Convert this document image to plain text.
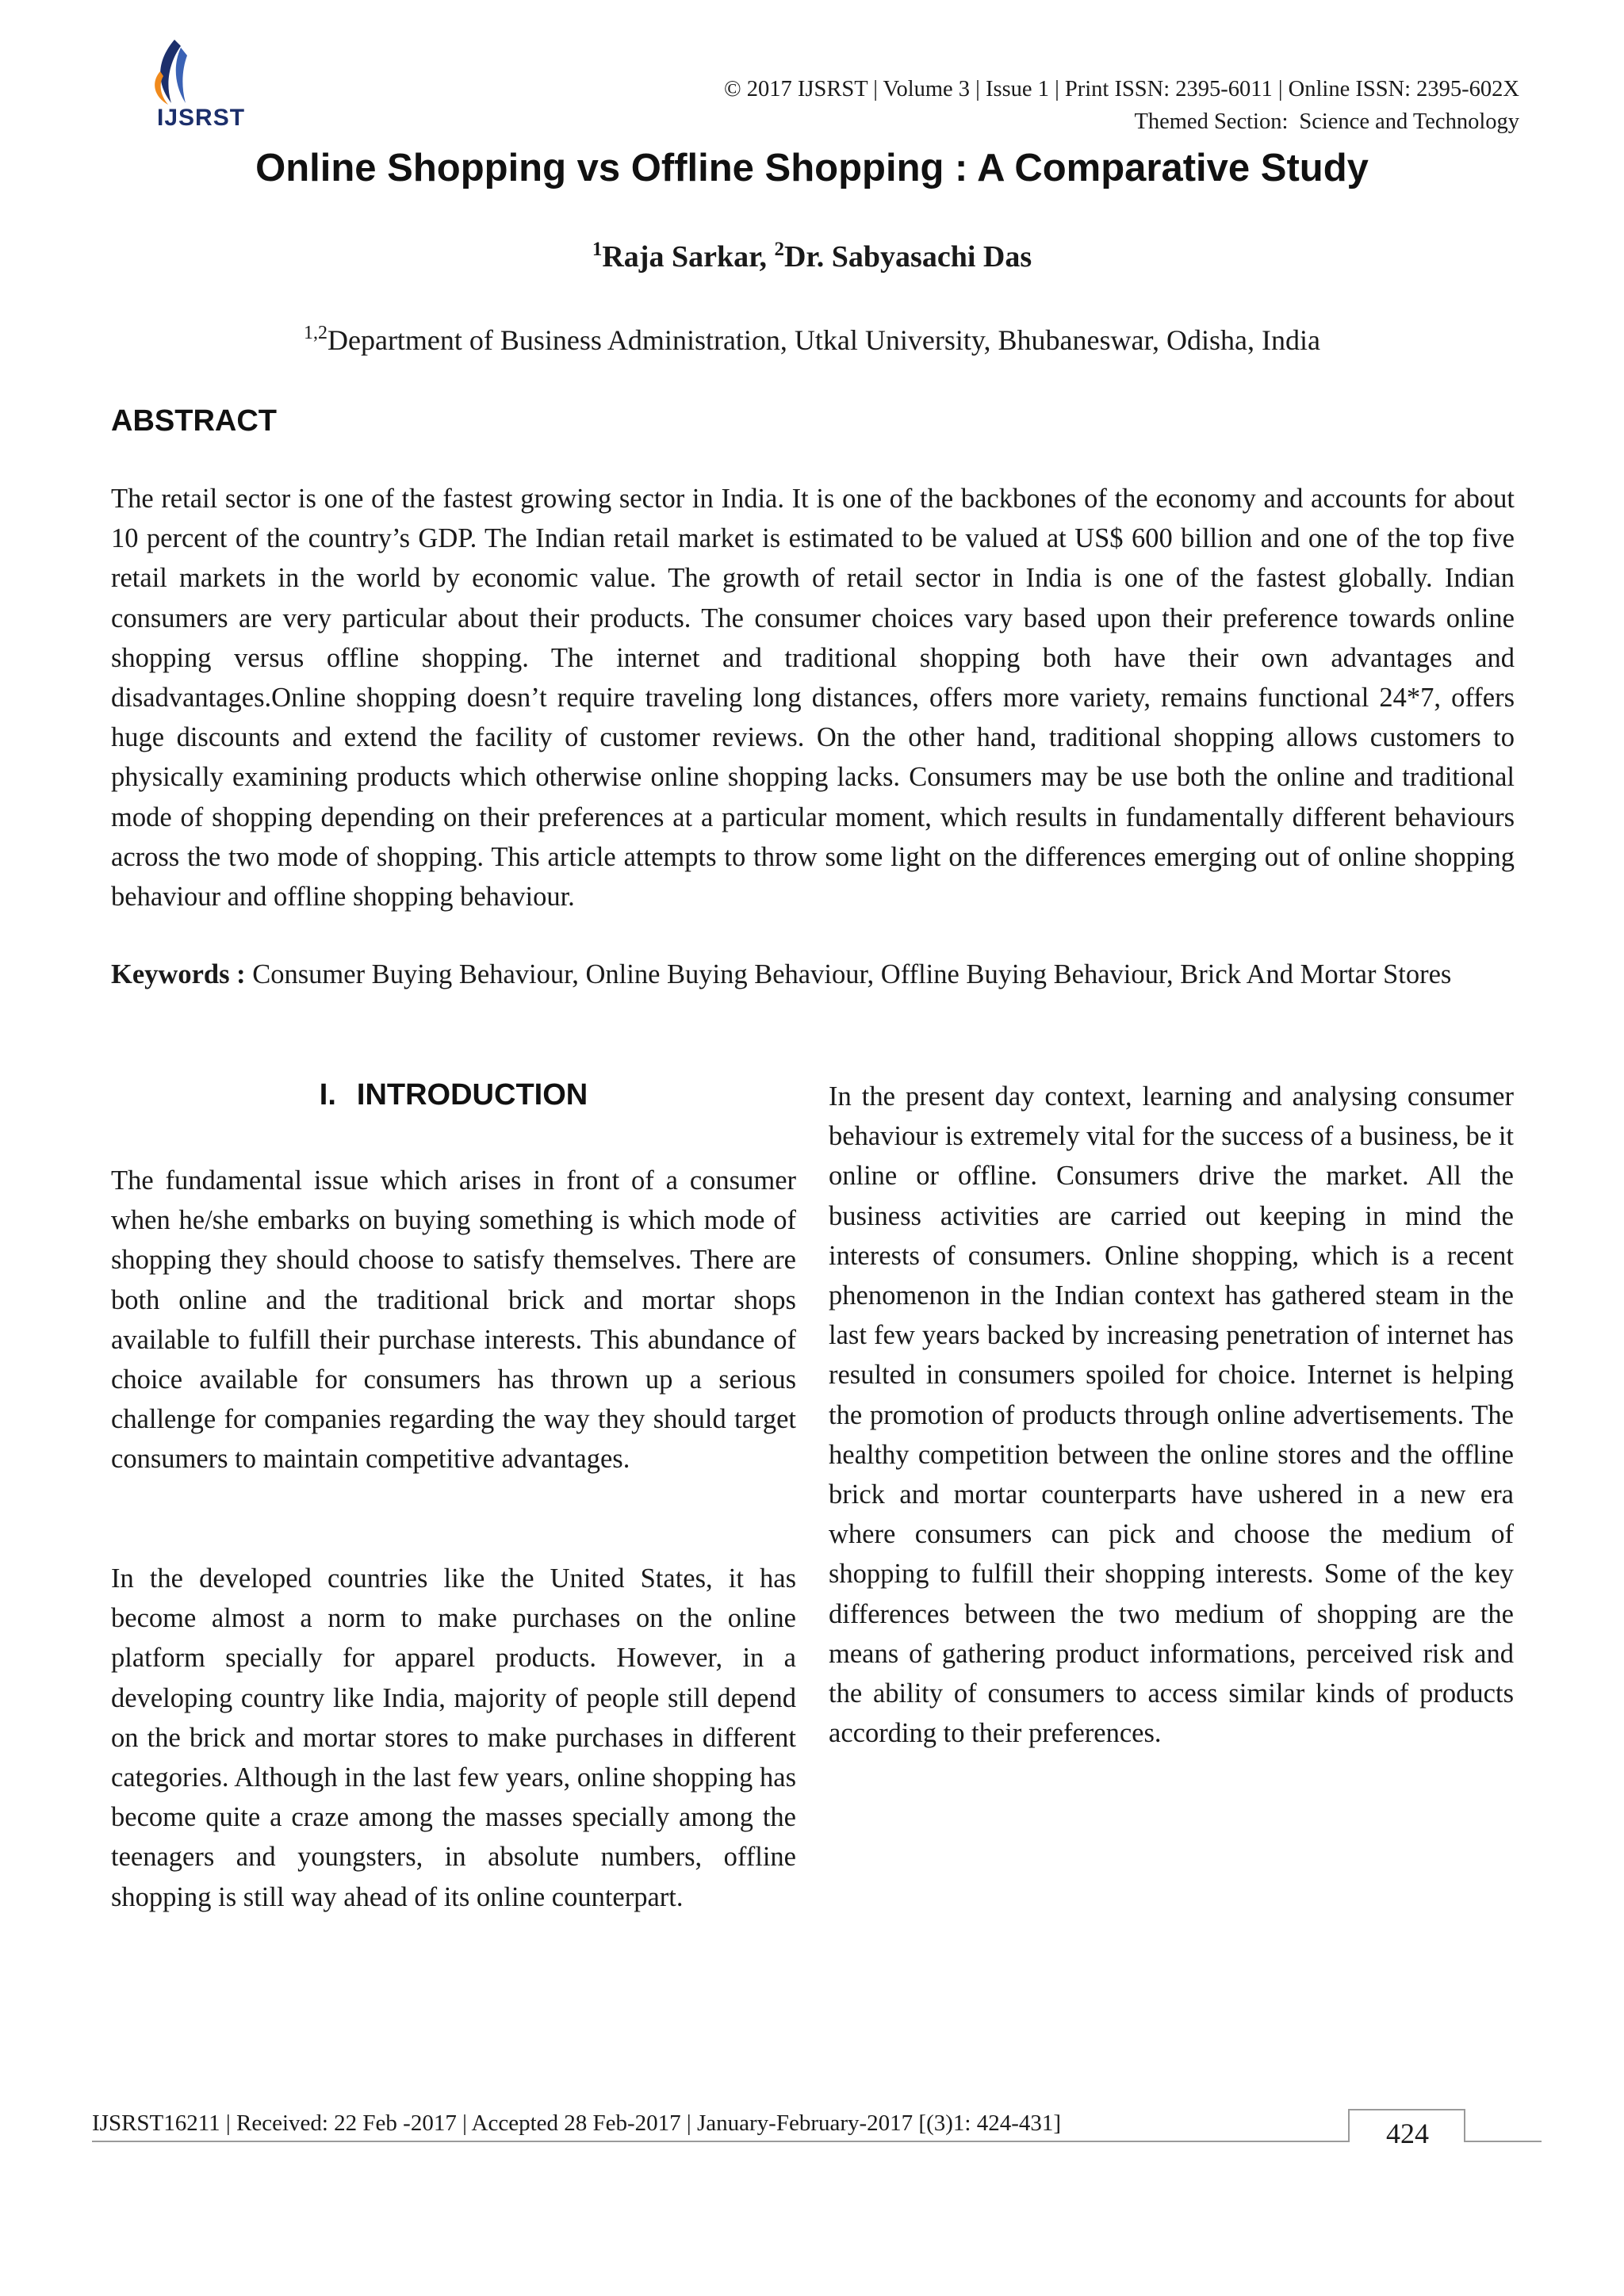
IJSRST
© 2017 IJSRST | Volume 3 | Issue 1 | Print ISSN: 2395-6011 | Online ISSN: 2395-602X
Themed Section: Science and Technology
Online Shopping vs Offline Shopping : A Comparative Study
$^1$Raja Sarkar, $^2$Dr. Sabyasachi Das
$^{1,2}$Department of Business Administration, Utkal University, Bhubaneswar, Odisha, India
ABSTRACT
The retail sector is one of the fastest growing sector in India. It is one of the backbones of the economy and accounts for about 10 percent of the country’s GDP. The Indian retail market is estimated to be valued at US$ 600 billion and one of the top five retail markets in the world by economic value. The growth of retail sector in India is one of the fastest globally. Indian consumers are very particular about their products. The consumer choices vary based upon their preference towards online shopping versus offline shopping. The internet and traditional shopping both have their own advantages and disadvantages.Online shopping doesn’t require traveling long distances, offers more variety, remains functional 24*7, offers huge discounts and extend the facility of customer reviews. On the other hand, traditional shopping allows customers to physically examining products which otherwise online shopping lacks. Consumers may be use both the online and traditional mode of shopping depending on their preferences at a particular moment, which results in fundamentally different behaviours across the two mode of shopping. This article attempts to throw some light on the differences emerging out of online shopping behaviour and offline shopping behaviour.
Keywords : Consumer Buying Behaviour, Online Buying Behaviour, Offline Buying Behaviour, Brick And Mortar Stores
I. INTRODUCTION
The fundamental issue which arises in front of a consumer when he/she embarks on buying something is which mode of shopping they should choose to satisfy themselves. There are both online and the traditional brick and mortar shops available to fulfill their purchase interests. This abundance of choice available for consumers has thrown up a serious challenge for companies regarding the way they should target consumers to maintain competitive advantages.
In the developed countries like the United States, it has become almost a norm to make purchases on the online platform specially for apparel products. However, in a developing country like India, majority of people still depend on the brick and mortar stores to make purchases in different categories. Although in the last few years, online shopping has become quite a craze among the masses specially among the teenagers and youngsters, in absolute numbers, offline shopping is still way ahead of its online counterpart.
In the present day context, learning and analysing consumer behaviour is extremely vital for the success of a business, be it online or offline. Consumers drive the market. All the business activities are carried out keeping in mind the interests of consumers. Online shopping, which is a recent phenomenon in the Indian context has gathered steam in the last few years backed by increasing penetration of internet has resulted in consumers spoiled for choice. Internet is helping the promotion of products through online advertisements. The healthy competition between the online stores and the offline brick and mortar counterparts have ushered in a new era where consumers can pick and choose the medium of shopping to fulfill their shopping interests. Some of the key differences between the two medium of shopping are the means of gathering product informations, perceived risk and the ability of consumers to access similar kinds of products according to their preferences.
IJSRST16211 | Received: 22 Feb -2017 | Accepted 28 Feb-2017 | January-February-2017 [(3)1: 424-431]	424
